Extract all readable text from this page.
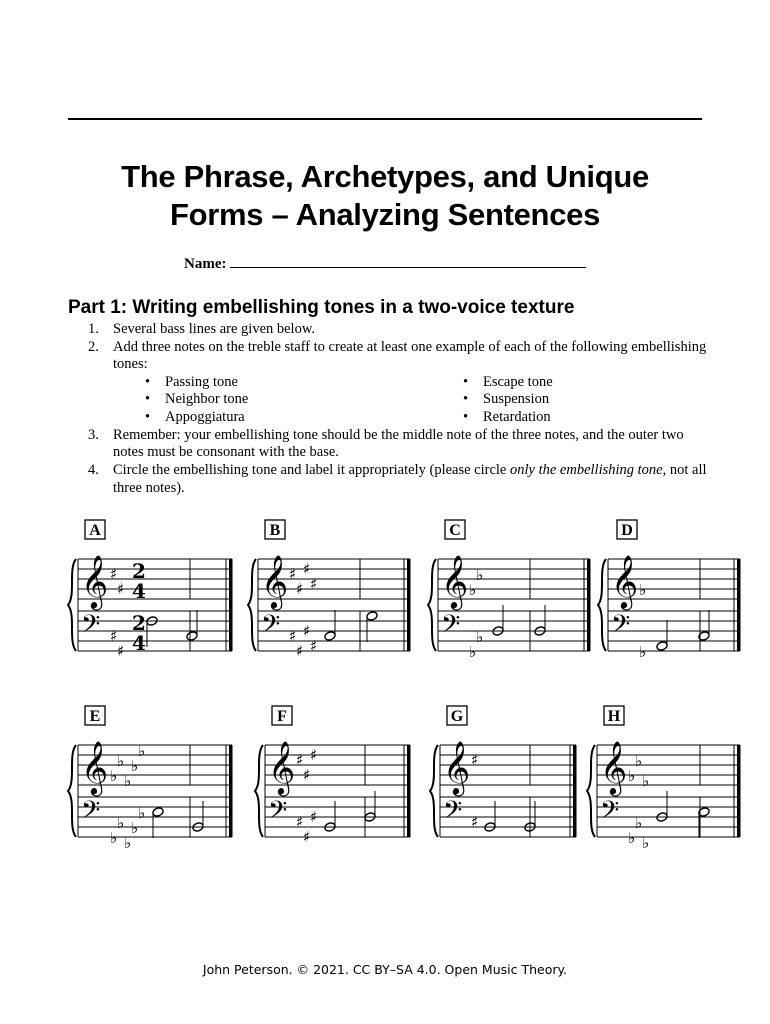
The Phrase, Archetypes, and Unique
Forms – Analyzing Sentences
Name:
Part 1: Writing embellishing tones in a two-voice texture
1. Several bass lines are given below.
2. Add three notes on the treble staff to create at least one example of each of the following embellishing tones:
• Passing tone
• Neighbor tone
• Appoggiatura
• Escape tone
• Suspension
• Retardation
3. Remember: your embellishing tone should be the middle note of the three notes, and the outer two notes must be consonant with the base.
4. Circle the embellishing tone and label it appropriately (please circle only the embellishing tone, not all three notes).
A
𝄞
𝄢
♯
♯
♯
♯
2
4
2
4
B
𝄞
𝄢
♯
♯
♯
♯
♯
♯
♯
♯
C
𝄞
𝄢
♭
♭
♭
♭
D
𝄞
𝄢
♭
♭
E
𝄞
𝄢
♭
♭
♭
♭
♭
♭
♭
♭
♭
♭
F
𝄞
𝄢
♯
♯
♯
♯
♯
♯
G
𝄞
𝄢
♯
♯
H
𝄞
𝄢
♭
♭
♭
♭
♭
♭
John Peterson. © 2021. CC BY–SA 4.0. Open Music Theory.
